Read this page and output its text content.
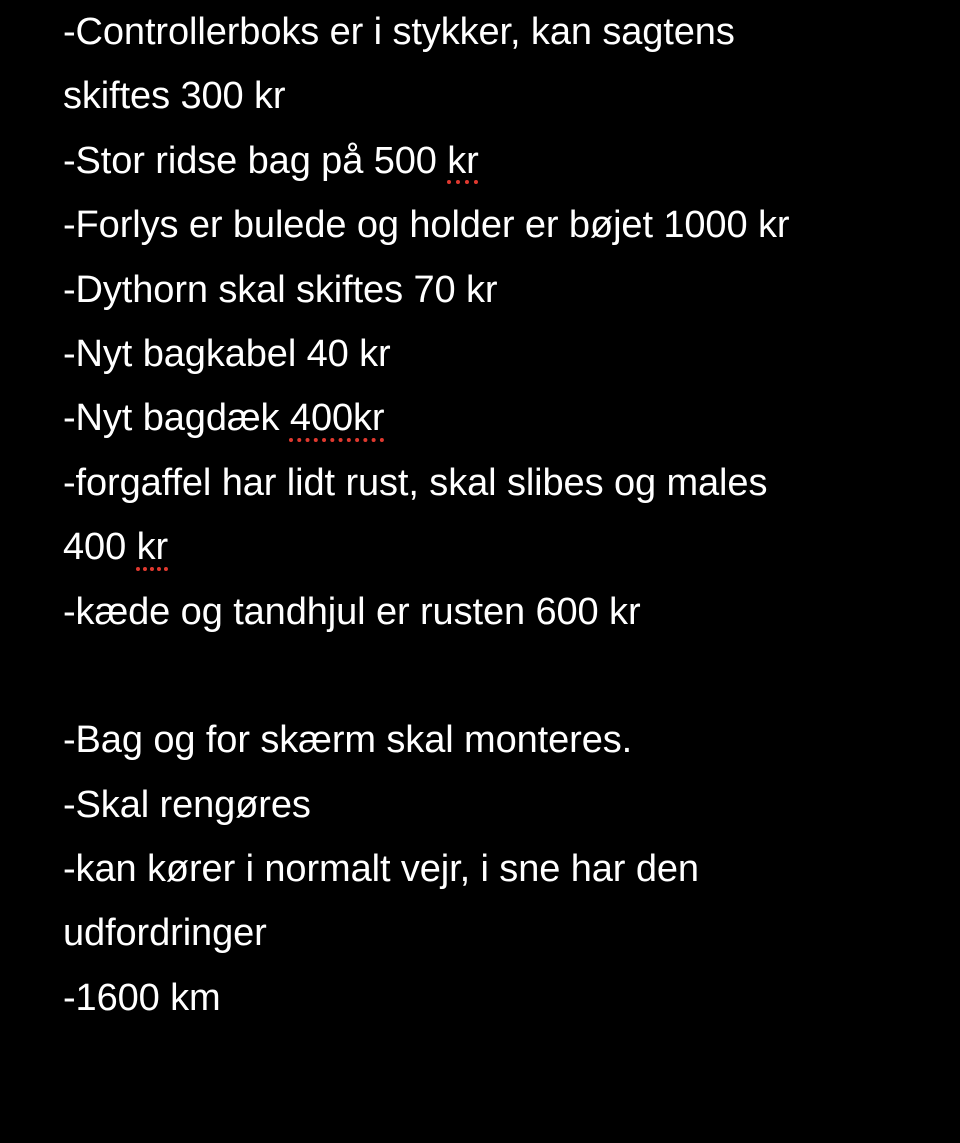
-Controllerboks er i stykker, kan sagtens
skiftes 300 kr
-Stor ridse bag på 500 kr
-Forlys er bulede og holder er bøjet 1000 kr
-Dythorn skal skiftes 70 kr
-Nyt bagkabel 40 kr
-Nyt bagdæk 400kr
-forgaffel har lidt rust, skal slibes og males
400 kr
-kæde og tandhjul er rusten 600 kr
-Bag og for skærm skal monteres.
-Skal rengøres
-kan kører i normalt vejr, i sne har den
udfordringer
-1600 km
